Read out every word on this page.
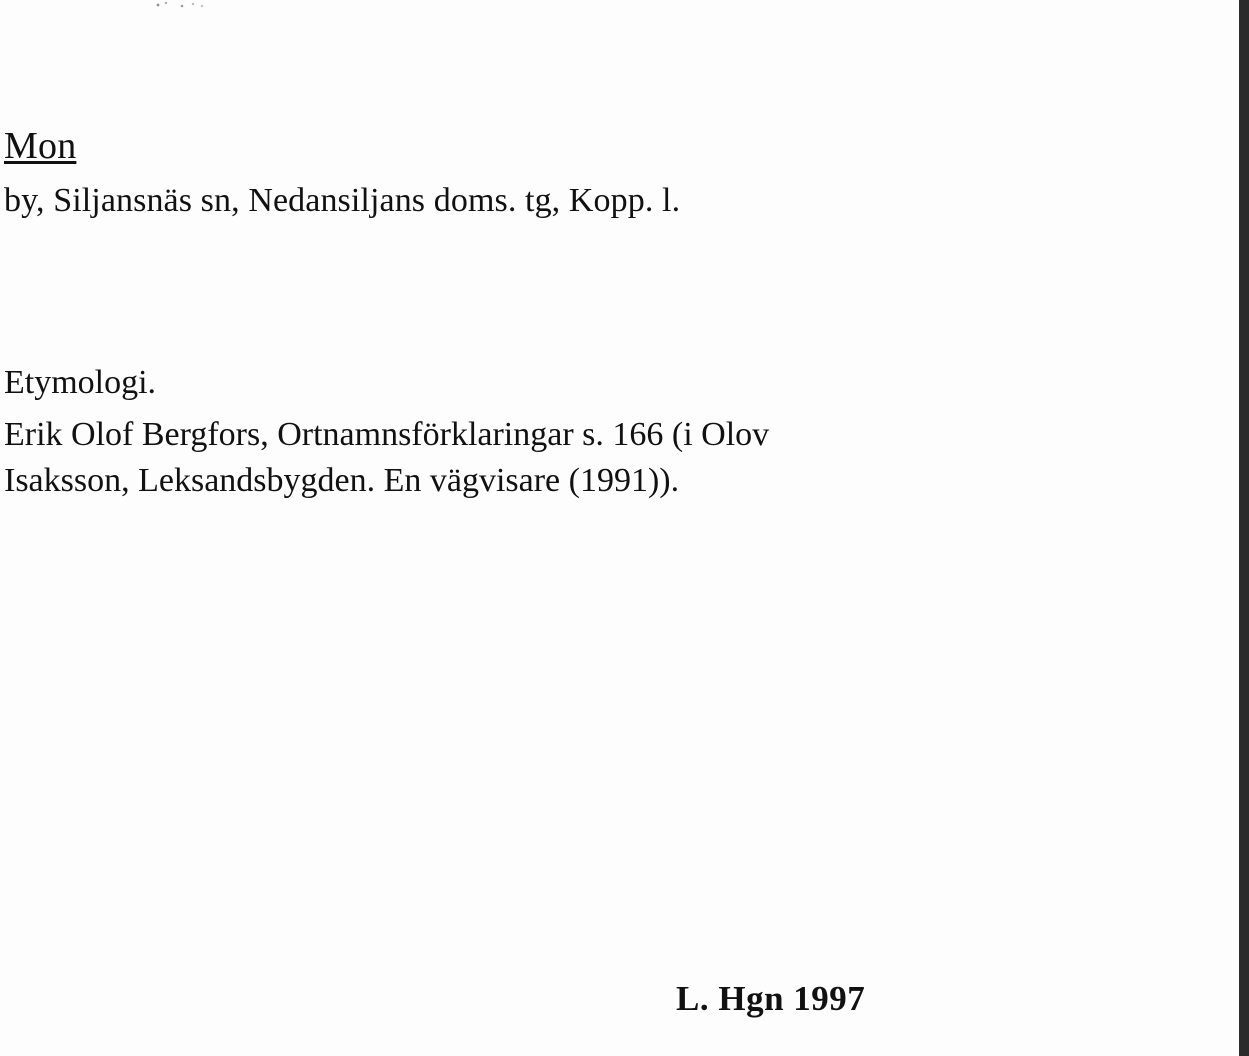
Mon
by, Siljansnäs sn, Nedansiljans doms. tg, Kopp. l.
Etymologi.
Erik Olof Bergfors, Ortnamnsförklaringar s. 166 (i Olov
Isaksson, Leksandsbygden. En vägvisare (1991)).
L. Hgn 1997
